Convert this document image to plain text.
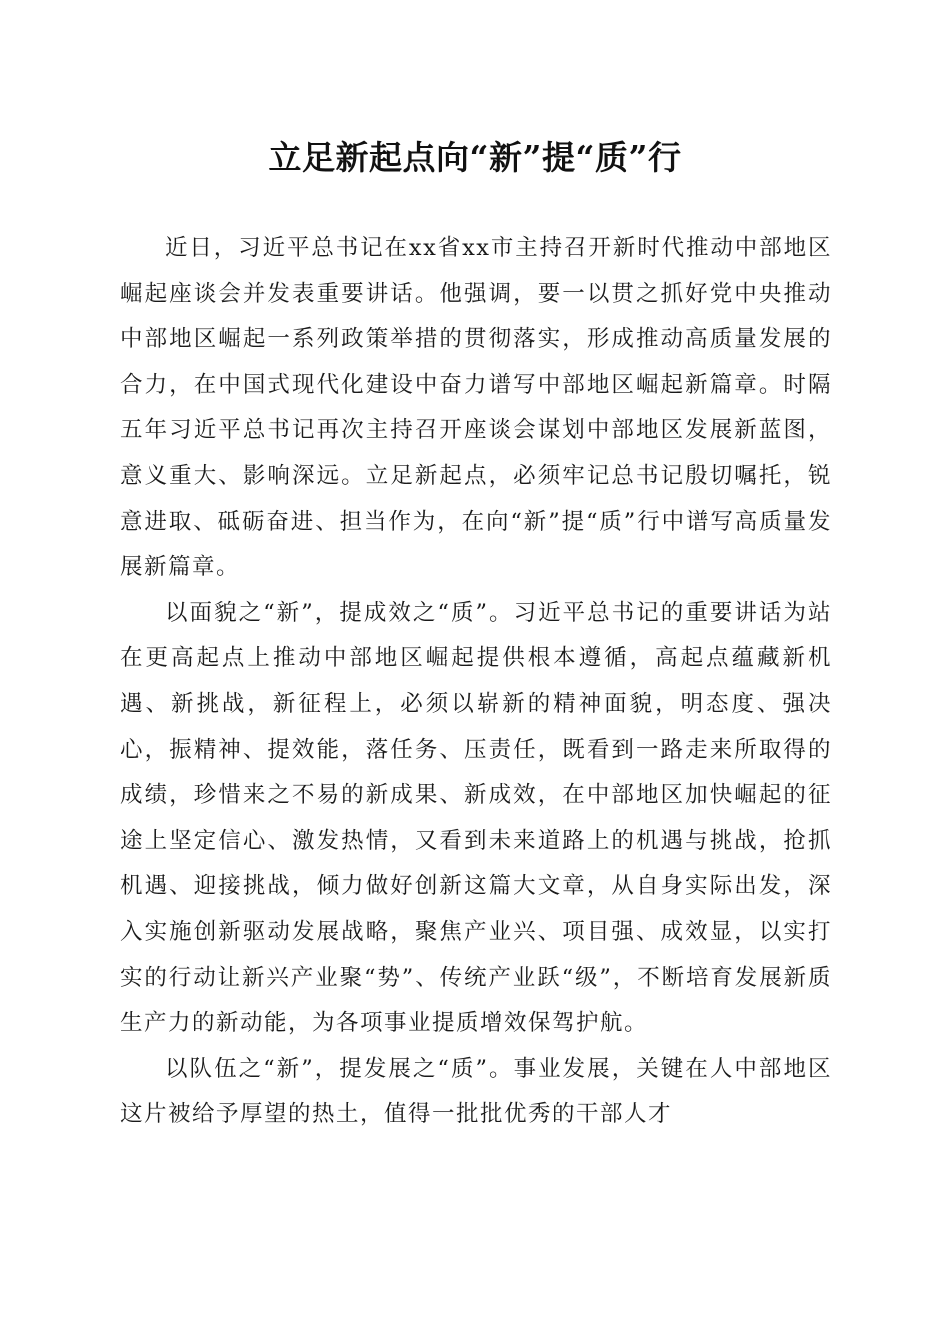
立足新起点向“新”提“质”行

近日，习近平总书记在xx省xx市主持召开新时代推动中部地区崛起座谈会并发表重要讲话。他强调，要一以贯之抓好党中央推动中部地区崛起一系列政策举措的贯彻落实，形成推动高质量发展的合力，在中国式现代化建设中奋力谱写中部地区崛起新篇章。时隔五年习近平总书记再次主持召开座谈会谋划中部地区发展新蓝图，意义重大、影响深远。立足新起点，必须牢记总书记殷切嘱托，锐意进取、砥砺奋进、担当作为，在向“新”提“质”行中谱写高质量发展新篇章。

以面貌之“新”，提成效之“质”。习近平总书记的重要讲话为站在更高起点上推动中部地区崛起提供根本遵循，高起点蕴藏新机遇、新挑战，新征程上，必须以崭新的精神面貌，明态度、强决心，振精神、提效能，落任务、压责任，既看到一路走来所取得的成绩，珍惜来之不易的新成果、新成效，在中部地区加快崛起的征途上坚定信心、激发热情，又看到未来道路上的机遇与挑战，抢抓机遇、迎接挑战，倾力做好创新这篇大文章，从自身实际出发，深入实施创新驱动发展战略，聚焦产业兴、项目强、成效显，以实打实的行动让新兴产业聚“势”、传统产业跃“级”，不断培育发展新质生产力的新动能，为各项事业提质增效保驾护航。

以队伍之“新”，提发展之“质”。事业发展，关键在人中部地区这片被给予厚望的热土，值得一批批优秀的干部人才
